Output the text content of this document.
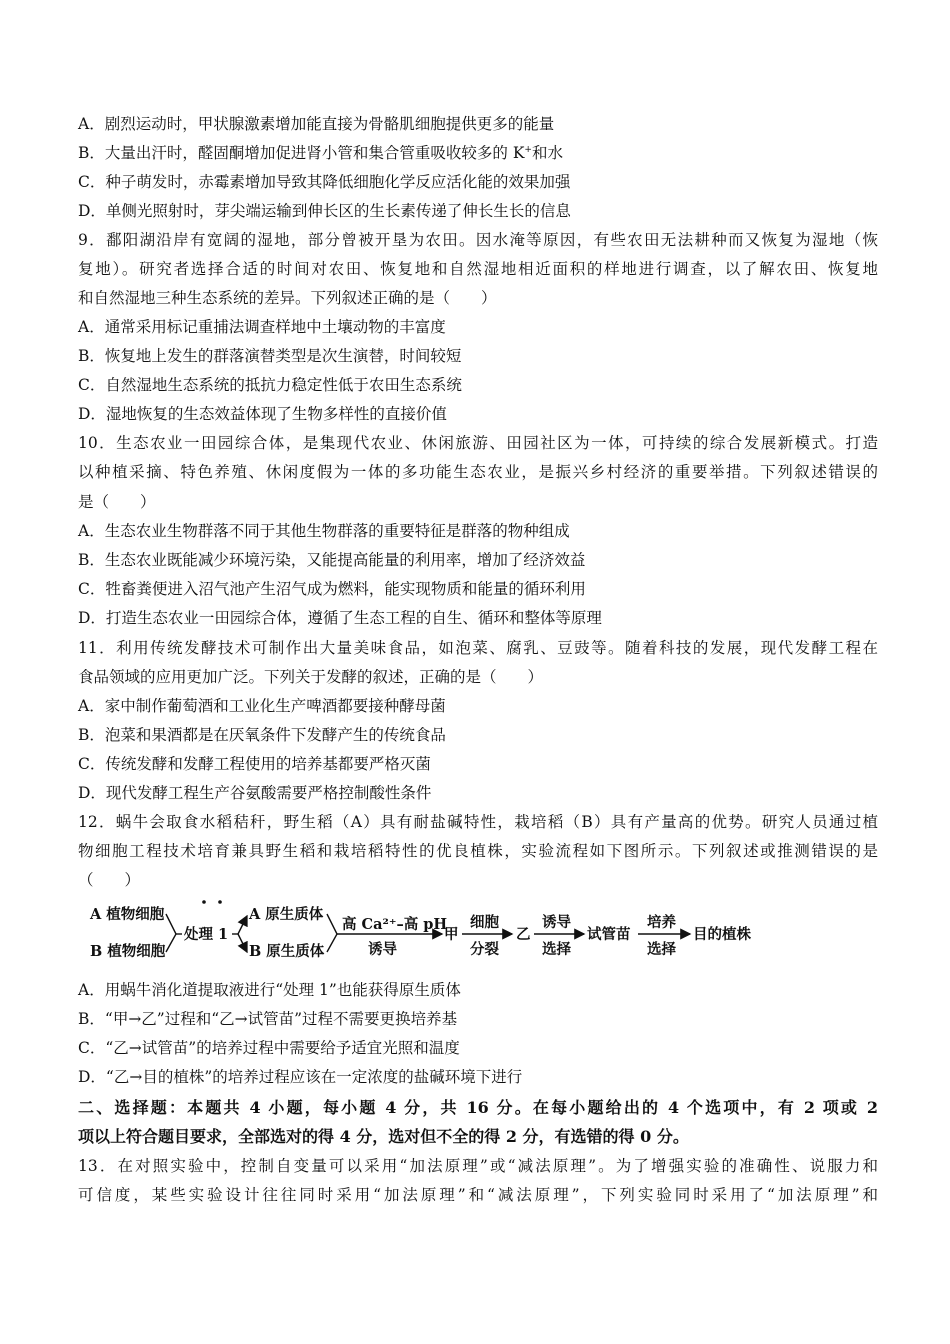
A．剧烈运动时，甲状腺激素增加能直接为骨骼肌细胞提供更多的能量
B．大量出汗时，醛固酮增加促进肾小管和集合管重吸收较多的 K+和水
C．种子萌发时，赤霉素增加导致其降低细胞化学反应活化能的效果加强
D．单侧光照射时，芽尖端运输到伸长区的生长素传递了伸长生长的信息
9．鄱阳湖沿岸有宽阔的湿地，部分曾被开垦为农田。因水淹等原因，有些农田无法耕种而又恢复为湿地（恢
复地）。研究者选择合适的时间对农田、恢复地和自然湿地相近面积的样地进行调查，以了解农田、恢复地
和自然湿地三种生态系统的差异。下列叙述正确的是（　　）
A．通常采用标记重捕法调查样地中土壤动物的丰富度
B．恢复地上发生的群落演替类型是次生演替，时间较短
C．自然湿地生态系统的抵抗力稳定性低于农田生态系统
D．湿地恢复的生态效益体现了生物多样性的直接价值
10．生态农业一田园综合体，是集现代农业、休闲旅游、田园社区为一体，可持续的综合发展新模式。打造
以种植采摘、特色养殖、休闲度假为一体的多功能生态农业，是振兴乡村经济的重要举措。下列叙述错误的
是（　　）
A．生态农业生物群落不同于其他生物群落的重要特征是群落的物种组成
B．生态农业既能减少环境污染，又能提高能量的利用率，增加了经济效益
C．牲畜粪便进入沼气池产生沼气成为燃料，能实现物质和能量的循环利用
D．打造生态农业一田园综合体，遵循了生态工程的自生、循环和整体等原理
11．利用传统发酵技术可制作出大量美味食品，如泡菜、腐乳、豆豉等。随着科技的发展，现代发酵工程在
食品领域的应用更加广泛。下列关于发酵的叙述，正确的是（　　）
A．家中制作葡萄酒和工业化生产啤酒都要接种酵母菌
B．泡菜和果酒都是在厌氧条件下发酵产生的传统食品
C．传统发酵和发酵工程使用的培养基都要严格灭菌
D．现代发酵工程生产谷氨酸需要严格控制酸性条件
12．蜗牛会取食水稻秸秆，野生稻（A）具有耐盐碱特性，栽培稻（B）具有产量高的优势。研究人员通过植
物细胞工程技术培育兼具野生稻和栽培稻特性的优良植株，实验流程如下图所示。下列叙述或推测错误的是
（　　）
A 植物细胞
B 植物细胞
处理 1
A 原生质体
B 原生质体
高 Ca²⁺–高 pH
诱导
甲
细胞
分裂
乙
诱导
选择
试管苗
培养
选择
目的植株
A．用蜗牛消化道提取液进行“处理 1”也能获得原生质体
B．“甲→乙”过程和“乙→试管苗”过程不需要更换培养基
C．“乙→试管苗”的培养过程中需要给予适宜光照和温度
D．“乙→目的植株”的培养过程应该在一定浓度的盐碱环境下进行
二、选择题：本题共 4 小题，每小题 4 分，共 16 分。在每小题给出的 4 个选项中，有 2 项或 2
项以上符合题目要求，全部选对的得 4 分，选对但不全的得 2 分，有选错的得 0 分。
13．在对照实验中，控制自变量可以采用“加法原理”或“减法原理”。为了增强实验的准确性、说服力和
可信度，某些实验设计往往同时采用“加法原理”和“减法原理”，下列实验同时采用了“加法原理”和
